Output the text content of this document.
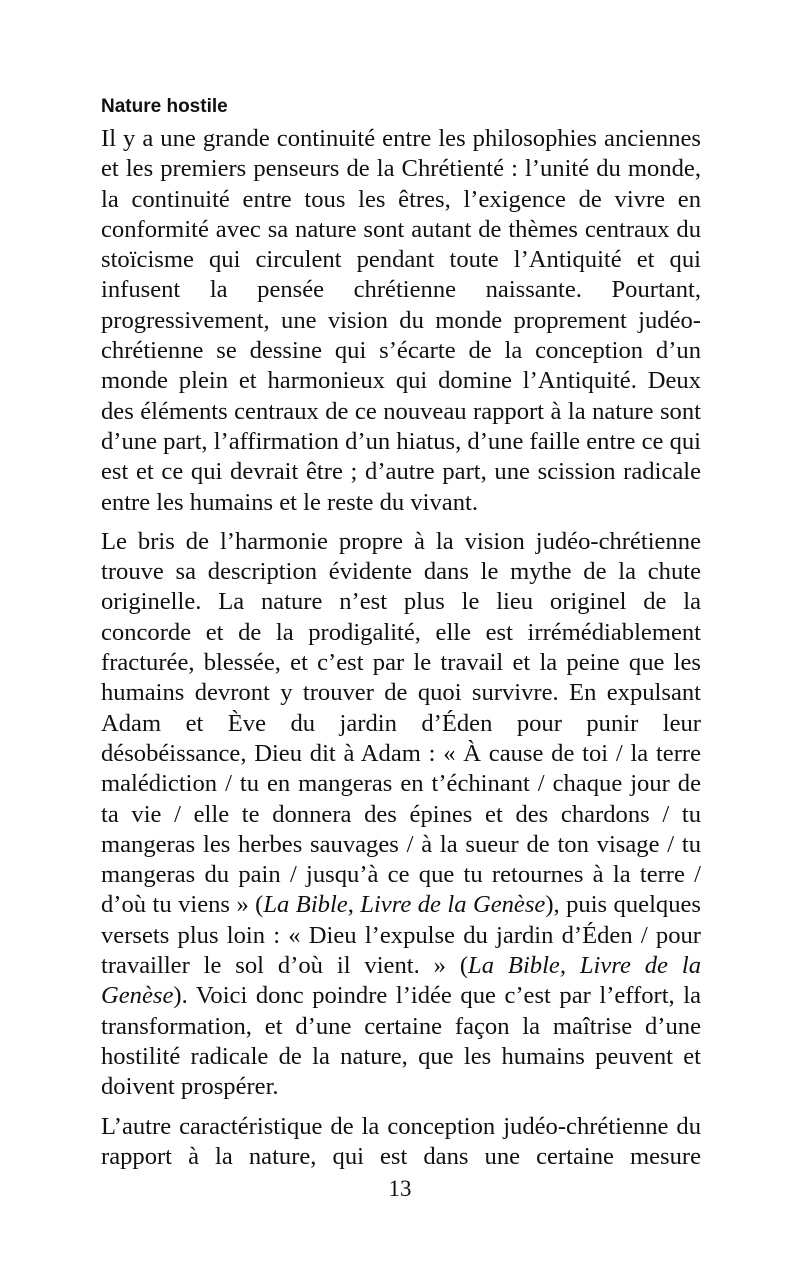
Nature hostile

Il y a une grande continuité entre les philosophies anciennes et les premiers penseurs de la Chrétienté : l’unité du monde, la continuité entre tous les êtres, l’exigence de vivre en conformité avec sa nature sont autant de thèmes centraux du stoïcisme qui circulent pendant toute l’Antiquité et qui infusent la pensée chrétienne naissante. Pourtant, progressivement, une vision du monde proprement judéo-chrétienne se dessine qui s’écarte de la conception d’un monde plein et harmonieux qui domine l’Antiquité. Deux des éléments centraux de ce nouveau rapport à la nature sont d’une part, l’affirmation d’un hiatus, d’une faille entre ce qui est et ce qui devrait être ; d’autre part, une scission radicale entre les humains et le reste du vivant.

Le bris de l’harmonie propre à la vision judéo-chrétienne trouve sa description évidente dans le mythe de la chute originelle. La nature n’est plus le lieu originel de la concorde et de la prodigalité, elle est irrémédiablement fracturée, blessée, et c’est par le travail et la peine que les humains devront y trouver de quoi survivre. En expulsant Adam et Ève du jardin d’Éden pour punir leur désobéissance, Dieu dit à Adam : « À cause de toi / la terre malédiction / tu en mangeras en t’échinant / chaque jour de ta vie / elle te donnera des épines et des chardons / tu mangeras les herbes sauvages / à la sueur de ton visage / tu mangeras du pain / jusqu’à ce que tu retournes à la terre / d’où tu viens » (La Bible, Livre de la Genèse), puis quelques versets plus loin : « Dieu l’expulse du jardin d’Éden / pour travailler le sol d’où il vient. » (La Bible, Livre de la Genèse). Voici donc poindre l’idée que c’est par l’effort, la transformation, et d’une certaine façon la maîtrise d’une hostilité radicale de la nature, que les humains peuvent et doivent prospérer.

L’autre caractéristique de la conception judéo-chrétienne du rapport à la nature, qui est dans une certaine mesure

13
